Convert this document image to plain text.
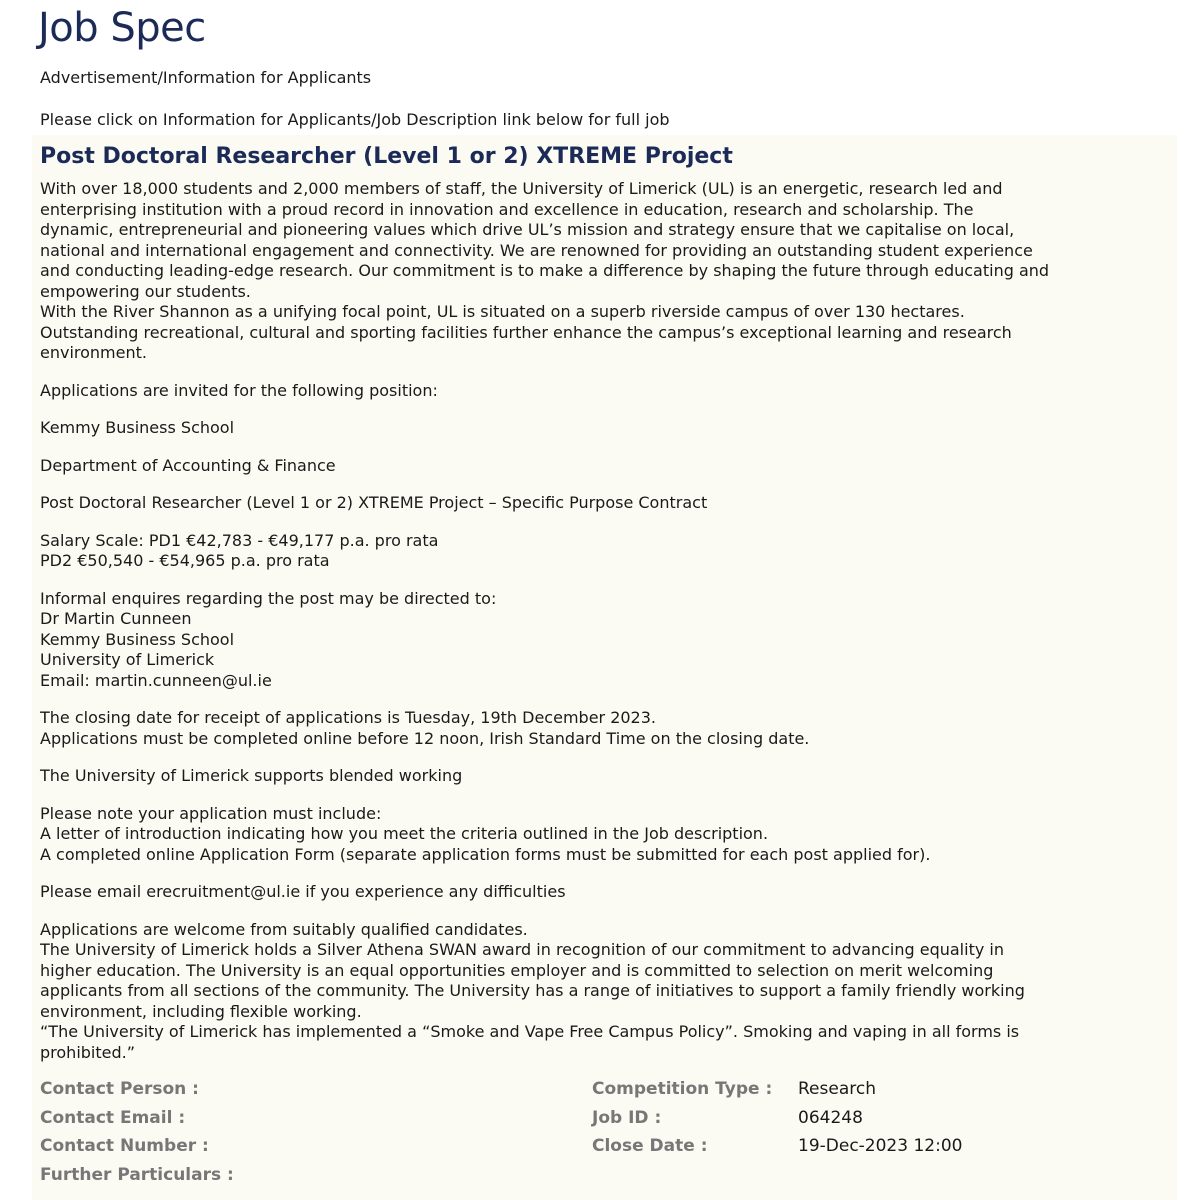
Job Spec

Advertisement/Information for Applicants

Please click on Information for Applicants/Job Description link below for full job

Post Doctoral Researcher (Level 1 or 2) XTREME Project
With over 18,000 students and 2,000 members of staff, the University of Limerick (UL) is an energetic, research led and
enterprising institution with a proud record in innovation and excellence in education, research and scholarship. The
dynamic, entrepreneurial and pioneering values which drive UL’s mission and strategy ensure that we capitalise on local,
national and international engagement and connectivity. We are renowned for providing an outstanding student experience
and conducting leading-edge research. Our commitment is to make a difference by shaping the future through educating and
empowering our students.
With the River Shannon as a unifying focal point, UL is situated on a superb riverside campus of over 130 hectares.
Outstanding recreational, cultural and sporting facilities further enhance the campus’s exceptional learning and research
environment.
Applications are invited for the following position:
Kemmy Business School
Department of Accounting & Finance
Post Doctoral Researcher (Level 1 or 2) XTREME Project – Specific Purpose Contract
Salary Scale: PD1 €42,783 - €49,177 p.a. pro rata
PD2 €50,540 - €54,965 p.a. pro rata
Informal enquires regarding the post may be directed to:
Dr Martin Cunneen
Kemmy Business School
University of Limerick
Email: martin.cunneen@ul.ie
The closing date for receipt of applications is Tuesday, 19th December 2023.
Applications must be completed online before 12 noon, Irish Standard Time on the closing date.
The University of Limerick supports blended working
Please note your application must include:
A letter of introduction indicating how you meet the criteria outlined in the Job description.
A completed online Application Form (separate application forms must be submitted for each post applied for).
Please email erecruitment@ul.ie if you experience any difficulties
Applications are welcome from suitably qualified candidates.
The University of Limerick holds a Silver Athena SWAN award in recognition of our commitment to advancing equality in
higher education. The University is an equal opportunities employer and is committed to selection on merit welcoming
applicants from all sections of the community. The University has a range of initiatives to support a family friendly working
environment, including flexible working.
“The University of Limerick has implemented a “Smoke and Vape Free Campus Policy”. Smoking and vaping in all forms is
prohibited.”
Contact Person :	Competition Type :	Research
Contact Email :	Job ID :	064248
Contact Number :	Close Date :	19-Dec-2023 12:00
Further Particulars :
